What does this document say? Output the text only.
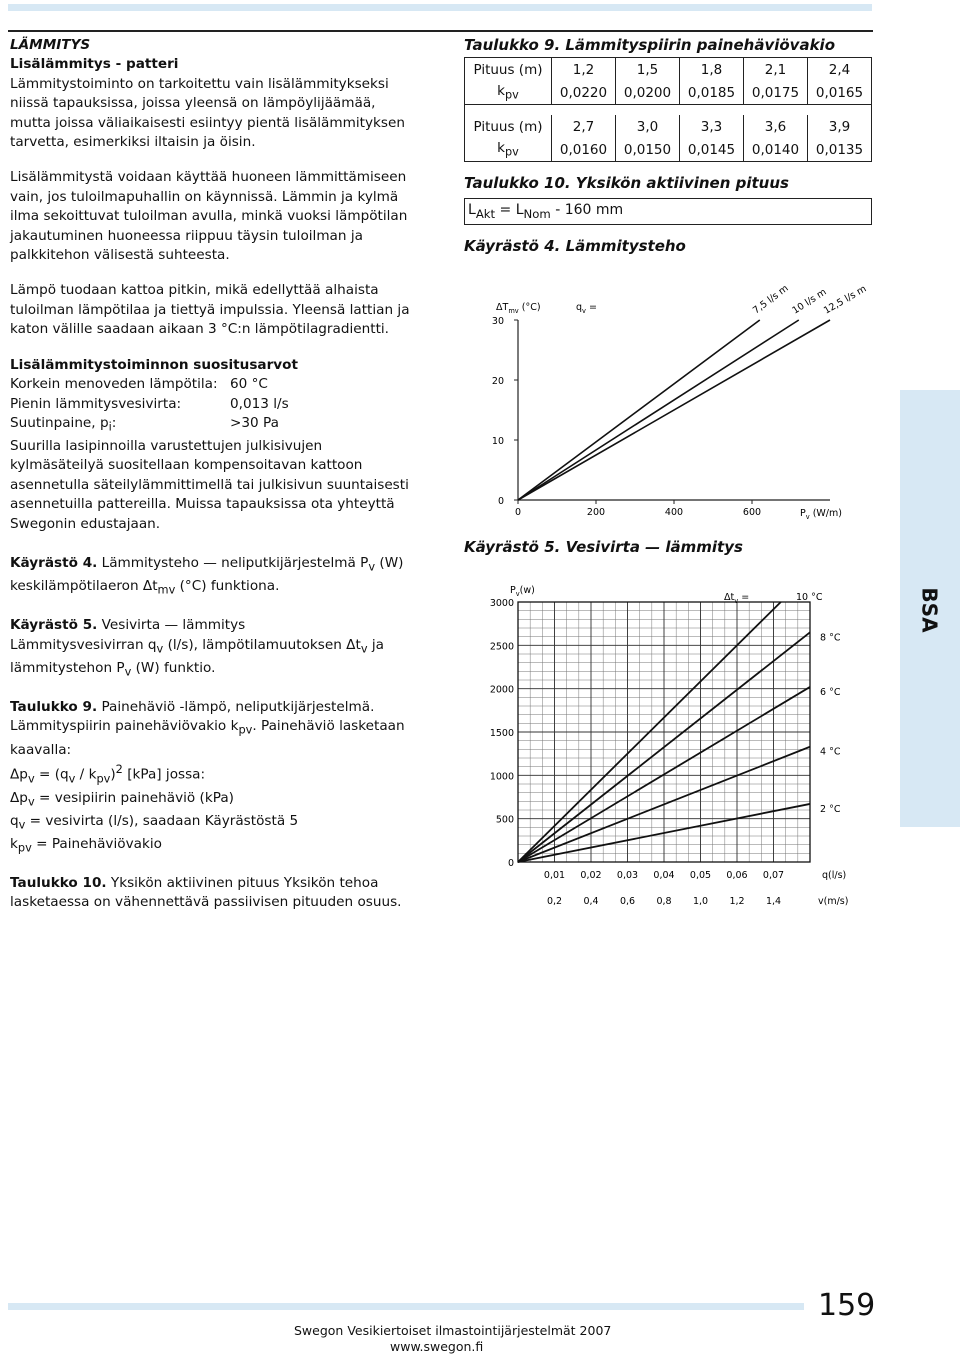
LÄMMITYS

Lisälämmitys - patteri

Lämmitystoiminto on tarkoitettu vain lisälämmitykseksi niissä tapauksissa, joissa yleensä on lämpöylijäämää, mutta joissa väliaikaisesti esiintyy pientä lisälämmityksen tarvetta, esimerkiksi iltaisin ja öisin.

Lisälämmitystä voidaan käyttää huoneen lämmittämiseen vain, jos tuloilmapuhallin on käynnissä. Lämmin ja kylmä ilma sekoittuvat tuloilman avulla, minkä vuoksi lämpötilan jakautuminen huoneessa riippuu täysin tuloilman ja palkkitehon välisestä suhteesta.

Lämpö tuodaan kattoa pitkin, mikä edellyttää alhaista tuloilman lämpötilaa ja tiettyä impulssia. Yleensä lattian ja katon välille saadaan aikaan 3 °C:n lämpötilagradientti.

Lisälämmitystoiminnon suositusarvot

Korkein menoveden lämpötila: 60 °C
Pienin lämmitysvesivirta:	0,013 l/s
Suutinpaine, $p_i$:	>30 Pa

Suurilla lasipinnoilla varustettujen julkisivujen kylmäsäteilyä suositellaan kompensoitavan kattoon asennetulla säteilylämmittimellä tai julkisivun suuntaisesti asennetuilla pattereilla. Muissa tapauksissa ota yhteyttä Swegonin edustajaan.

Käyrästö 4. Lämmitysteho — neliputkijärjestelmä $P_v$ (W) keskilämpötilaeron $\Delta t_{mv}$ (°C) funktiona.

Käyrästö 5. Vesivirta — lämmitys
Lämmitysvesivirran $q_v$ (l/s), lämpötilamuutoksen $\Delta t_v$ ja lämmitystehon $P_v$ (W) funktio.

Taulukko 9. Painehäviö -lämpö, neliputkijärjestelmä. Lämmityspiirin painehäviövakio $k_{pv}$. Painehäviö lasketaan kaavalla:

$\Delta p_v = (q_v / k_{pv})^2$ [kPa] jossa:

$\Delta p_v$ = vesipiirin painehäviö (kPa)

$q_v$ = vesivirta (l/s), saadaan Käyrästöstä 5

$k_{pv}$ = Painehäviövakio

Taulukko 10. Yksikön aktiivinen pituus Yksikön tehoa lasketaessa on vähennettävä passiivisen pituuden osuus.

Taulukko 9. Lämmityspiirin painehäviövakio

Pituus (m)	1,2	1,5	1,8	2,1	2,4
$k_{pv}$	0,0220	0,0200	0,0185	0,0175	0,0165

Pituus (m)	2,7	3,0	3,3	3,6	3,9
$k_{pv}$	0,0160	0,0150	0,0145	0,0140	0,0135

Taulukko 10. Yksikön aktiivinen pituus

$L_{Akt} = L_{Nom} - 160$ mm

Käyrästö 4. Lämmitysteho

Käyrästö 5. Vesivirta — lämmitys

0
10
20
30
0	200	400	600
$\Delta T_{mv}$ (°C)	$q_v$ =
$P_v$ (W/m)
7,5 l/s m 10 l/s m
12,5 l/s m
0
500
1000
1500
2000
2500
3000
0,01 0,02 0,03 0,04 0,05 0,06 0,07
0,2 0,4 0,6 0,8 1,0 1,2 1,4
q(l/s)
v(m/s)
$P_v(w)$
$\Delta t_v$ =	10 °C
8 °C
6 °C
4 °C
2 °C
BSA
159
Swegon Vesikiertoiset ilmastointijärjestelmät 2007
www.swegon.fi
